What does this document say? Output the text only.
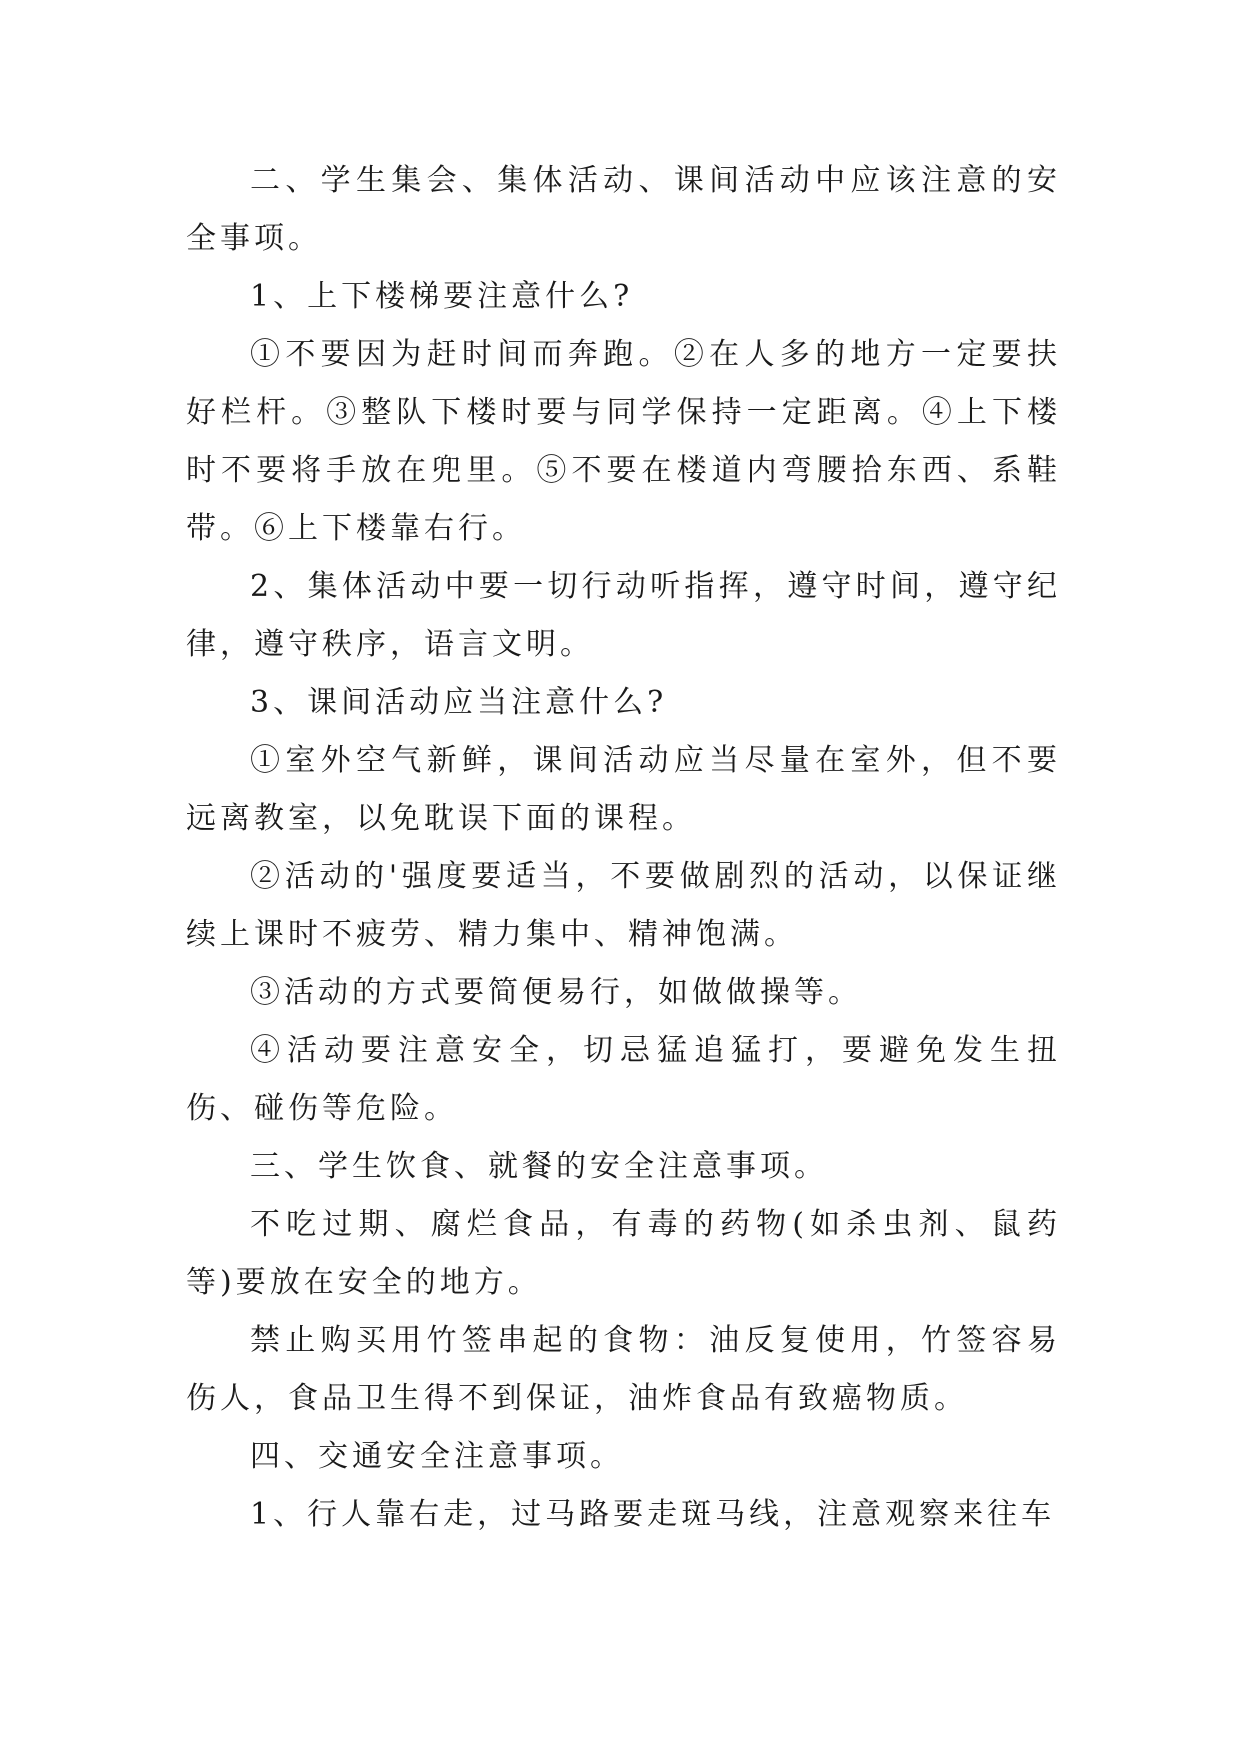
二、学生集会、集体活动、课间活动中应该注意的安全事项。

1、上下楼梯要注意什么?

①不要因为赶时间而奔跑。②在人多的地方一定要扶好栏杆。③整队下楼时要与同学保持一定距离。④上下楼时不要将手放在兜里。⑤不要在楼道内弯腰拾东西、系鞋带。⑥上下楼靠右行。

2、集体活动中要一切行动听指挥，遵守时间，遵守纪律，遵守秩序，语言文明。

3、课间活动应当注意什么?

①室外空气新鲜，课间活动应当尽量在室外，但不要远离教室，以免耽误下面的课程。

②活动的'强度要适当，不要做剧烈的活动，以保证继续上课时不疲劳、精力集中、精神饱满。

③活动的方式要简便易行，如做做操等。

④活动要注意安全，切忌猛追猛打，要避免发生扭伤、碰伤等危险。

三、学生饮食、就餐的安全注意事项。

不吃过期、腐烂食品，有毒的药物(如杀虫剂、鼠药等)要放在安全的地方。

禁止购买用竹签串起的食物：油反复使用，竹签容易伤人，食品卫生得不到保证，油炸食品有致癌物质。

四、交通安全注意事项。

1、行人靠右走，过马路要走斑马线，注意观察来往车
